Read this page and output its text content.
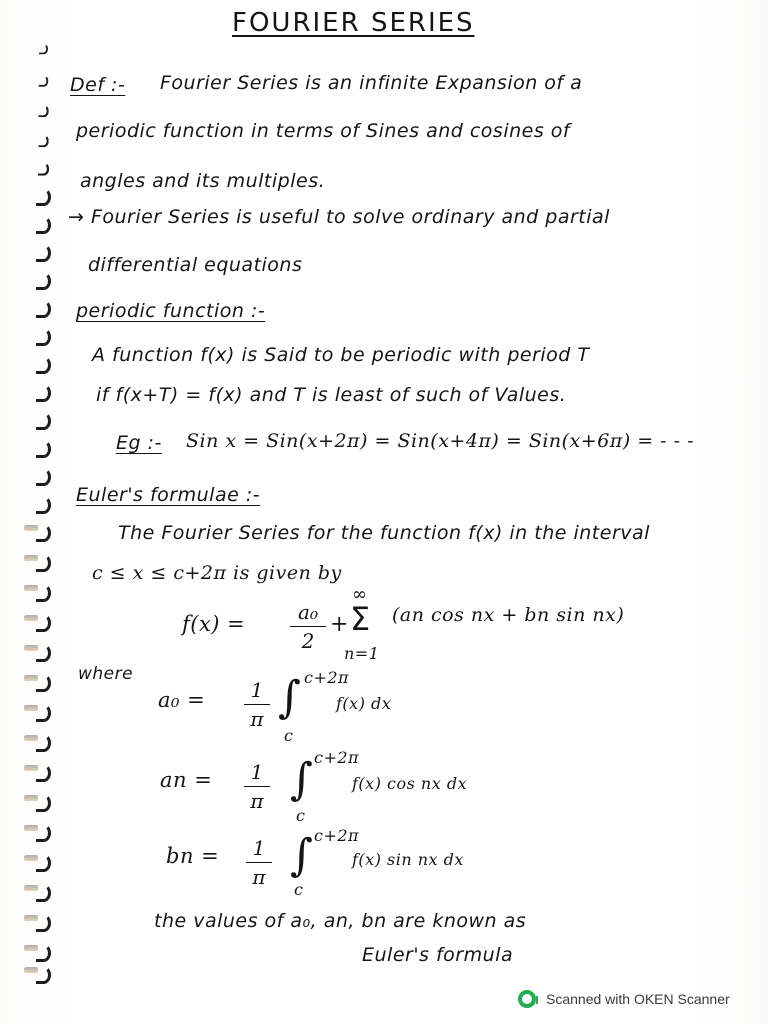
FOURIER SERIES
Def :- Fourier Series is an infinite Expansion of a
periodic function in terms of Sines and cosines of
angles and its multiples.
→ Fourier Series is useful to solve ordinary and partial
differential equations
periodic function :-
A function f(x) is Said to be periodic with period T
if f(x+T) = f(x) and T is least of such of Values.
Eg :- Sin x = Sin(x+2π) = Sin(x+4π) = Sin(x+6π) = - - -
Euler's formulae :-
The Fourier Series for the function f(x) in the interval
c ≤ x ≤ c+2π is given by
f(x) =	a₀
2
+
∞
Σ
n=1
(an cos nx + bn sin nx)
where
a₀ =	1
π ∫ c+2π
c
f(x) dx
an =	1
π ∫ c+2π
c
f(x) cos nx dx
bn =	1
π ∫ c+2π
c
f(x) sin nx dx
the values of a₀, an, bn are known as
Euler's formula
Scanned with OKEN Scanner
